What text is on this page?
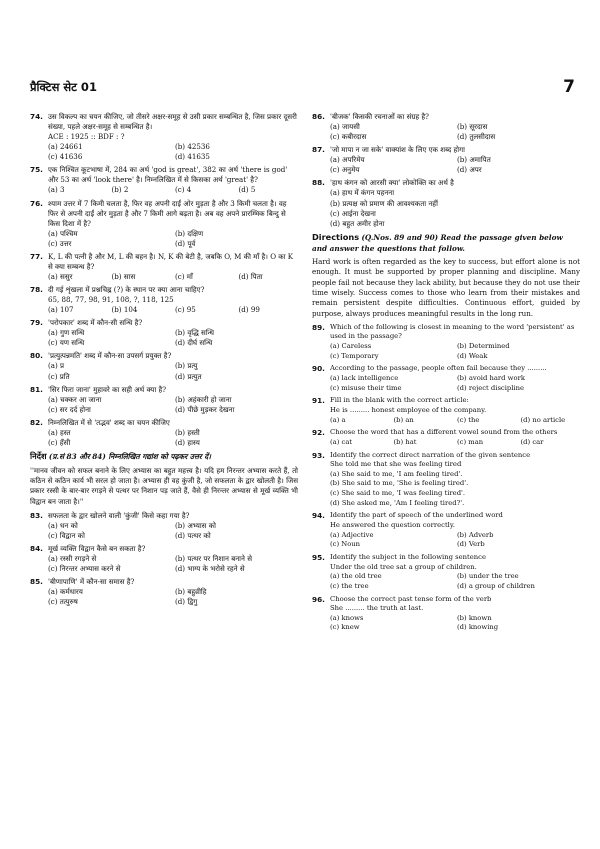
प्रैक्टिस सेट 01	7
74. उस विकल्प का चयन कीजिए, जो तीसरे अक्षर-समूह से उसी प्रकार सम्बन्धित है, जिस प्रकार दूसरी संख्या, पहले अक्षर-समूह से सम्बन्धित है।
ACE : 1925 :: BDF : ?
(a) 24661	(b) 42536
(c) 41636	(d) 41635
75. एक निश्चित कूटभाषा में, 284 का अर्थ 'god is great', 382 का अर्थ 'there is god' और 53 का अर्थ 'look there' है। निम्नलिखित में से किसका अर्थ 'great' है?
(a) 3	(b) 2	(c) 4	(d) 5
76. श्याम उत्तर में 7 किमी चलता है, फिर वह अपनी दाईं ओर मुड़ता है और 3 किमी चलता है। वह फिर से अपनी दाईं ओर मुड़ता है और 7 किमी आगे बढ़ता है। अब वह अपने प्रारम्भिक बिन्दु से किस दिशा में है?
(a) पश्चिम	(b) दक्षिण
(c) उत्तर	(d) पूर्व
77. K, L की पत्नी है और M, L की बहन है। N, K की बेटी है, जबकि O, M की माँ है। O का K से क्या सम्बन्ध है?
(a) ससुर	(b) सास	(c) माँ	(d) पिता
78. दी गई शृंखला में प्रश्नचिह्न (?) के स्थान पर क्या आना चाहिए?
65, 88, 77, 98, 91, 108, ?, 118, 125
(a) 107	(b) 104	(c) 95	(d) 99
79. 'परोपकार' शब्द में कौन-सी सन्धि है?
(a) गुण सन्धि	(b) वृद्धि सन्धि
(c) यण सन्धि	(d) दीर्घ सन्धि
80. 'प्रत्युत्पन्नमति' शब्द में कौन-सा उपसर्ग प्रयुक्त है?
(a) प्र	(b) प्रत्यु
(c) प्रति	(d) प्रत्युत
81. 'सिर फिरा जाना' मुहावरे का सही अर्थ क्या है?
(a) चक्कर आ जाना	(b) अहंकारी हो जाना
(c) सर दर्द होना	(d) पीछे मुड़कर देखना
82. निम्नलिखित में से 'तद्भव' शब्द का चयन कीजिए
(a) हस्त	(b) हस्ती
(c) हँसी	(d) हास्य
निर्देश (प्र.सं 83 और 84) निम्नलिखित गद्यांश को पढ़कर उत्तर दें।
''मानव जीवन को सफल बनाने के लिए अभ्यास का बहुत महत्त्व है। यदि हम निरन्तर अभ्यास करते हैं, तो कठिन से कठिन कार्य भी सरल हो जाता है। अभ्यास ही वह कुंजी है, जो सफलता के द्वार खोलती है। जिस प्रकार रस्सी के बार-बार रगड़ने से पत्थर पर निशान पड़ जाते हैं, वैसे ही निरन्तर अभ्यास से मूर्ख व्यक्ति भी विद्वान बन जाता है।''
83. सफलता के द्वार खोलने वाली 'कुंजी' किसे कहा गया है?
(a) धन को	(b) अभ्यास को
(c) विद्वान को	(d) पत्थर को
84. मूर्ख व्यक्ति विद्वान कैसे बन सकता है?
(a) रस्सी रगड़ने से	(b) पत्थर पर निशान बनाने से
(c) निरन्तर अभ्यास करने से	(d) भाग्य के भरोसे रहने से
85. 'बीणापाणि' में कौन-सा समास है?
(a) कर्मधारय	(b) बहुव्रीहि
(c) तत्पुरुष	(d) द्विगु
86. 'बीजक' किसकी रचनाओं का संग्रह है?
(a) जायसी	(b) सूरदास
(c) कबीरदास	(d) तुलसीदास
87. 'जो मापा न जा सके' वाक्यांश के लिए एक शब्द होगा
(a) अपरिमेय	(b) अमापित
(c) अनुमेय	(d) अपर
88. 'हाथ कंगन को आरसी क्या' लोकोक्ति का अर्थ है
(a) हाथ में कंगन पहनना
(b) प्रत्यक्ष को प्रमाण की आवश्यकता नहीं
(c) आईना देखना
(d) बहुत अमीर होना
Directions (Q.Nos. 89 and 90) Read the passage given below and answer the questions that follow.
Hard work is often regarded as the key to success, but effort alone is not enough. It must be supported by proper planning and discipline. Many people fail not because they lack ability, but because they do not use their time wisely. Success comes to those who learn from their mistakes and remain persistent despite difficulties. Continuous effort, guided by purpose, always produces meaningful results in the long run.
89. Which of the following is closest in meaning to the word 'persistent' as used in the passage?
(a) Careless	(b) Determined
(c) Temporary	(d) Weak
90. According to the passage, people often fail because they .........
(a) lack intelligence	(b) avoid hard work
(c) misuse their time	(d) reject discipline
91. Fill in the blank with the correct article:
He is ......... honest employee of the company.
(a) a	(b) an	(c) the	(d) no article
92. Choose the word that has a different vowel sound from the others
(a) cat	(b) hat	(c) man	(d) car
93. Identify the correct direct narration of the given sentence
She told me that she was feeling tired
(a) She said to me, 'I am feeling tired'.
(b) She said to me, 'She is feeling tired'.
(c) She said to me, 'I was feeling tired'.
(d) She asked me, 'Am I feeling tired?'.
94. Identify the part of speech of the underlined word
He answered the question correctly.
(a) Adjective	(b) Adverb
(c) Noun	(d) Verb
95. Identify the subject in the following sentence
Under the old tree sat a group of children.
(a) the old tree	(b) under the tree
(c) the tree	(d) a group of children
96. Choose the correct past tense form of the verb
She ......... the truth at last.
(a) knows	(b) known
(c) knew	(d) knowing
